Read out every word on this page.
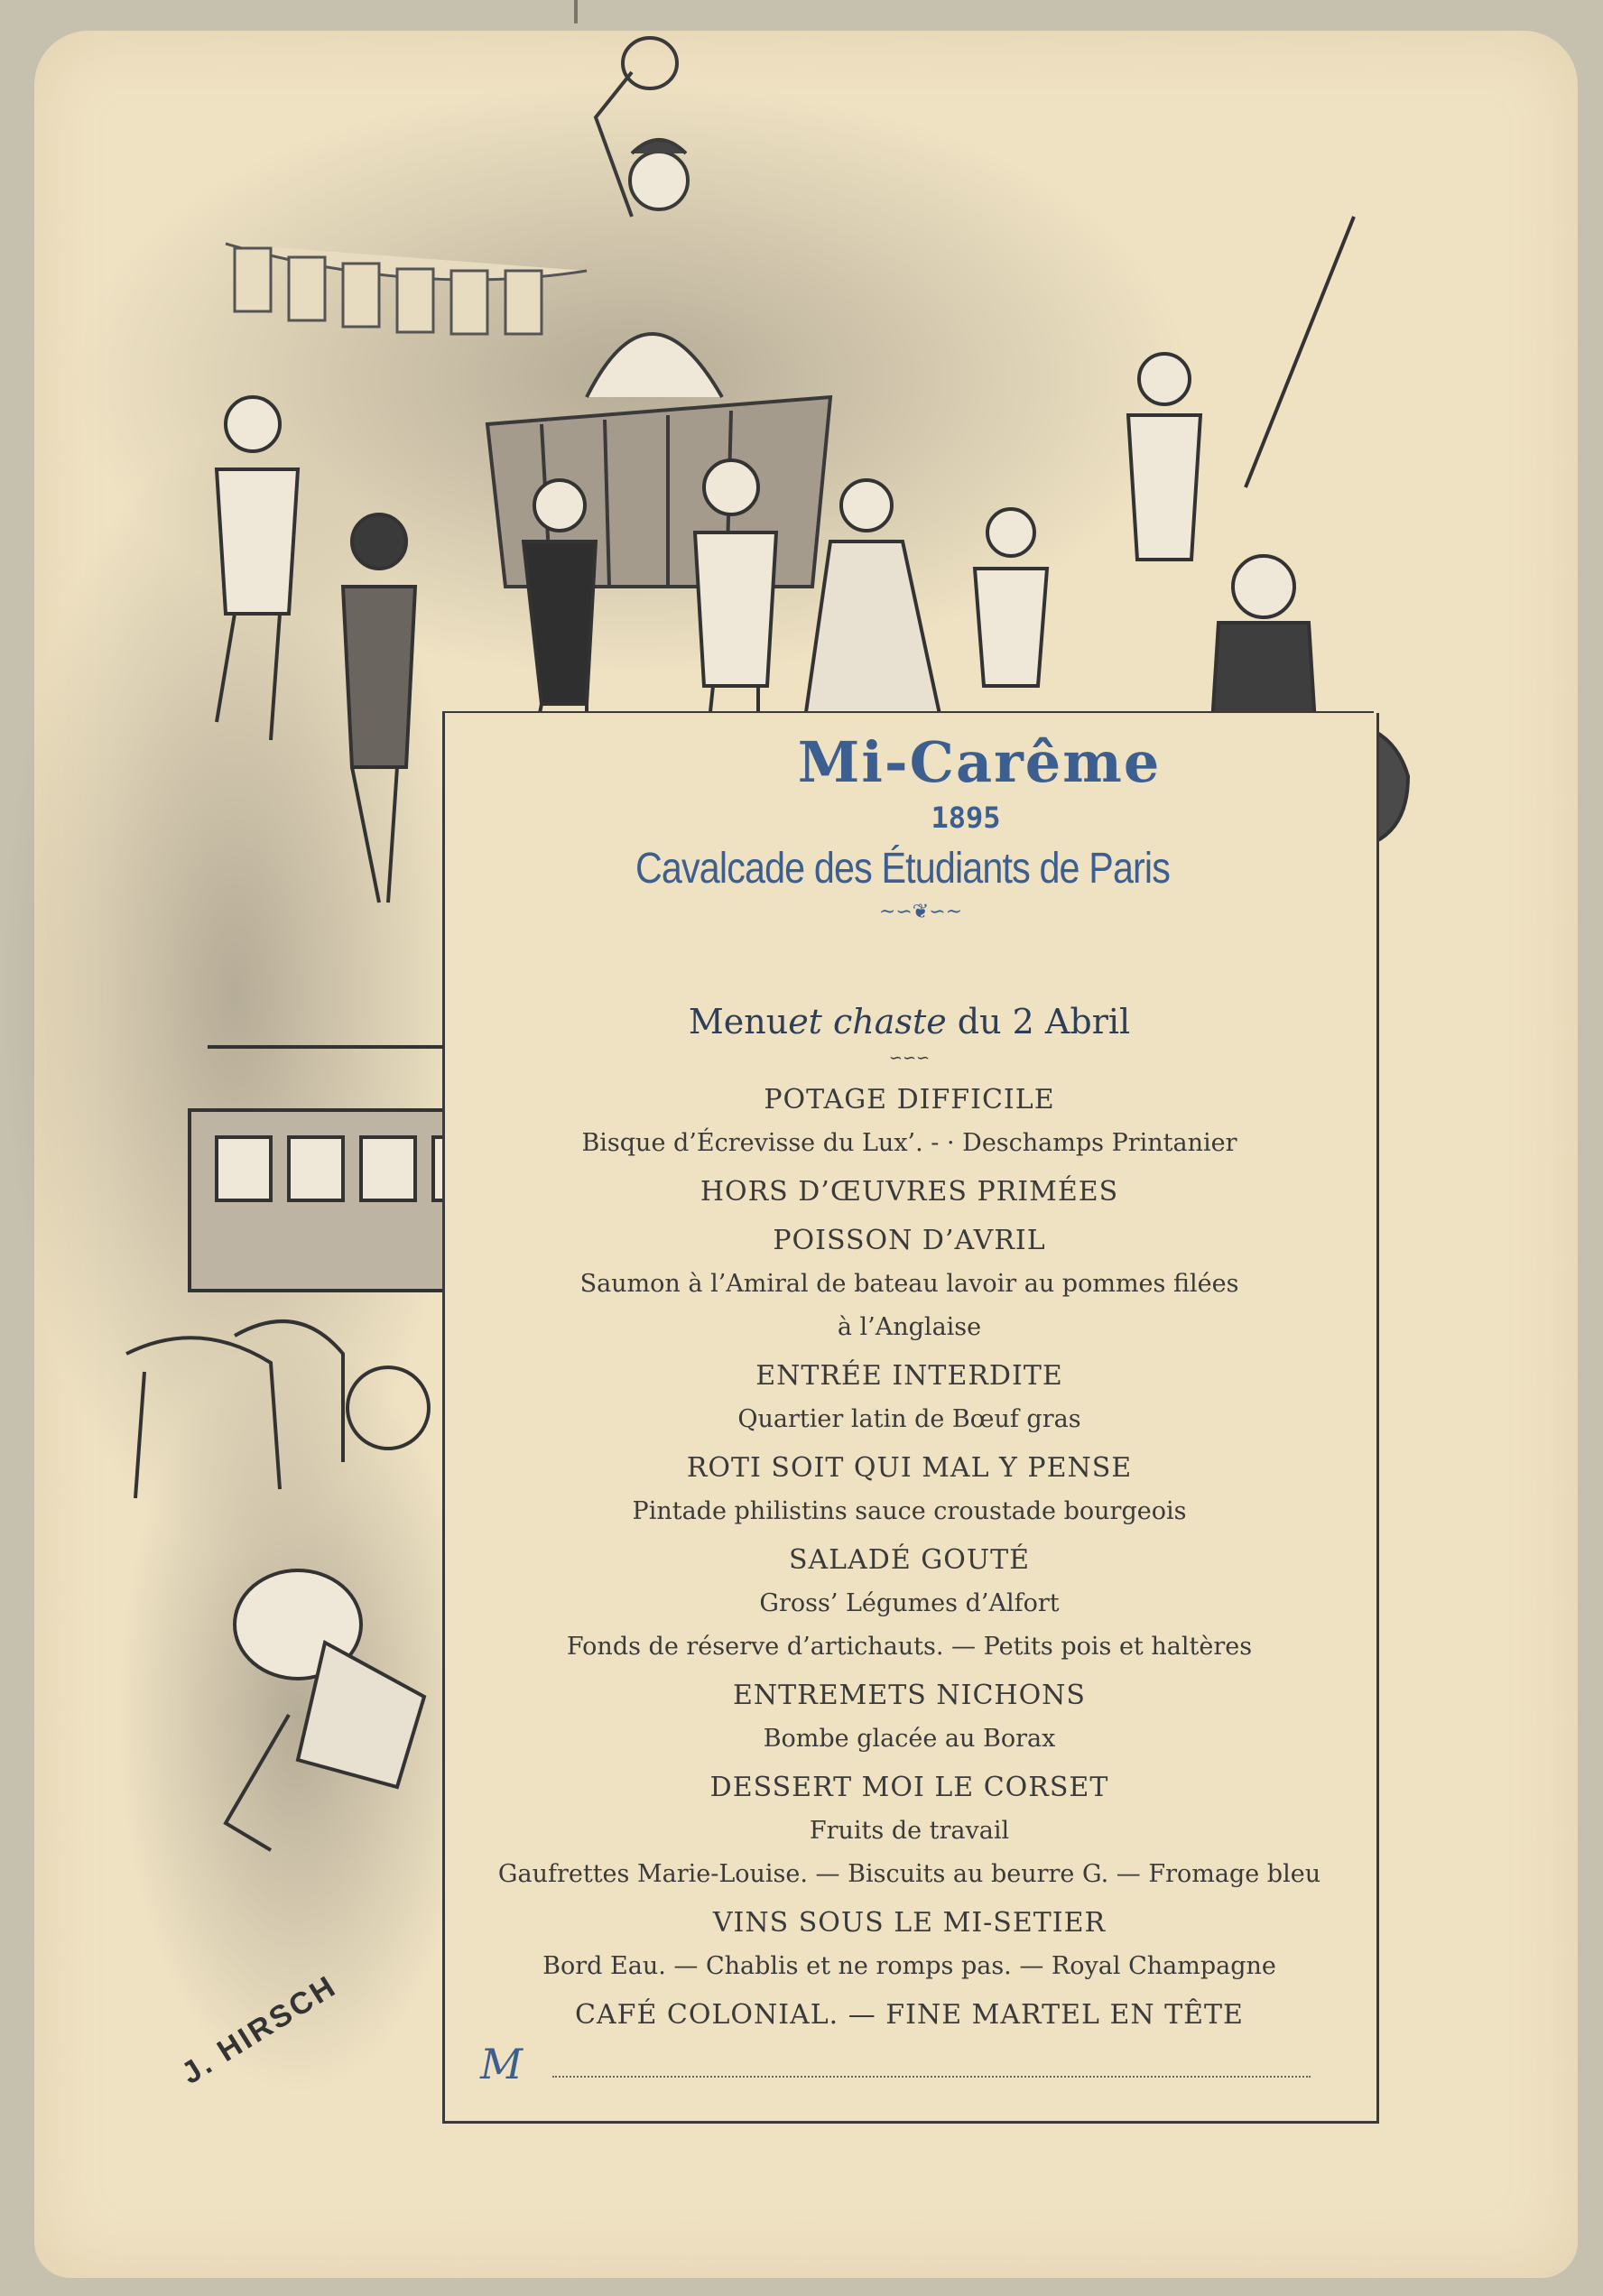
Mi-Carême
1895
Cavalcade des Étudiants de Paris
~∽❦∽~
Menuet chaste du 2 Abril
∽∽∽
POTAGE DIFFICILE
Bisque d’Écrevisse du Lux’. - · Deschamps Printanier
HORS D’ŒUVRES PRIMÉES
POISSON D’AVRIL
Saumon à l’Amiral de bateau lavoir au pommes filées
à l’Anglaise
ENTRÉE INTERDITE
Quartier latin de Bœuf gras
ROTI SOIT QUI MAL Y PENSE
Pintade philistins sauce croustade bourgeois
SALADÉ GOUTÉ
Gross’ Légumes d’Alfort
Fonds de réserve d’artichauts. — Petits pois et haltères
ENTREMETS NICHONS
Bombe glacée au Borax
DESSERT MOI LE CORSET
Fruits de travail
Gaufrettes Marie-Louise. — Biscuits au beurre G. — Fromage bleu
VINS SOUS LE MI-SETIER
Bord Eau. — Chablis et ne romps pas. — Royal Champagne
CAFÉ COLONIAL. — FINE MARTEL EN TÊTE
M
J. HIRSCH
